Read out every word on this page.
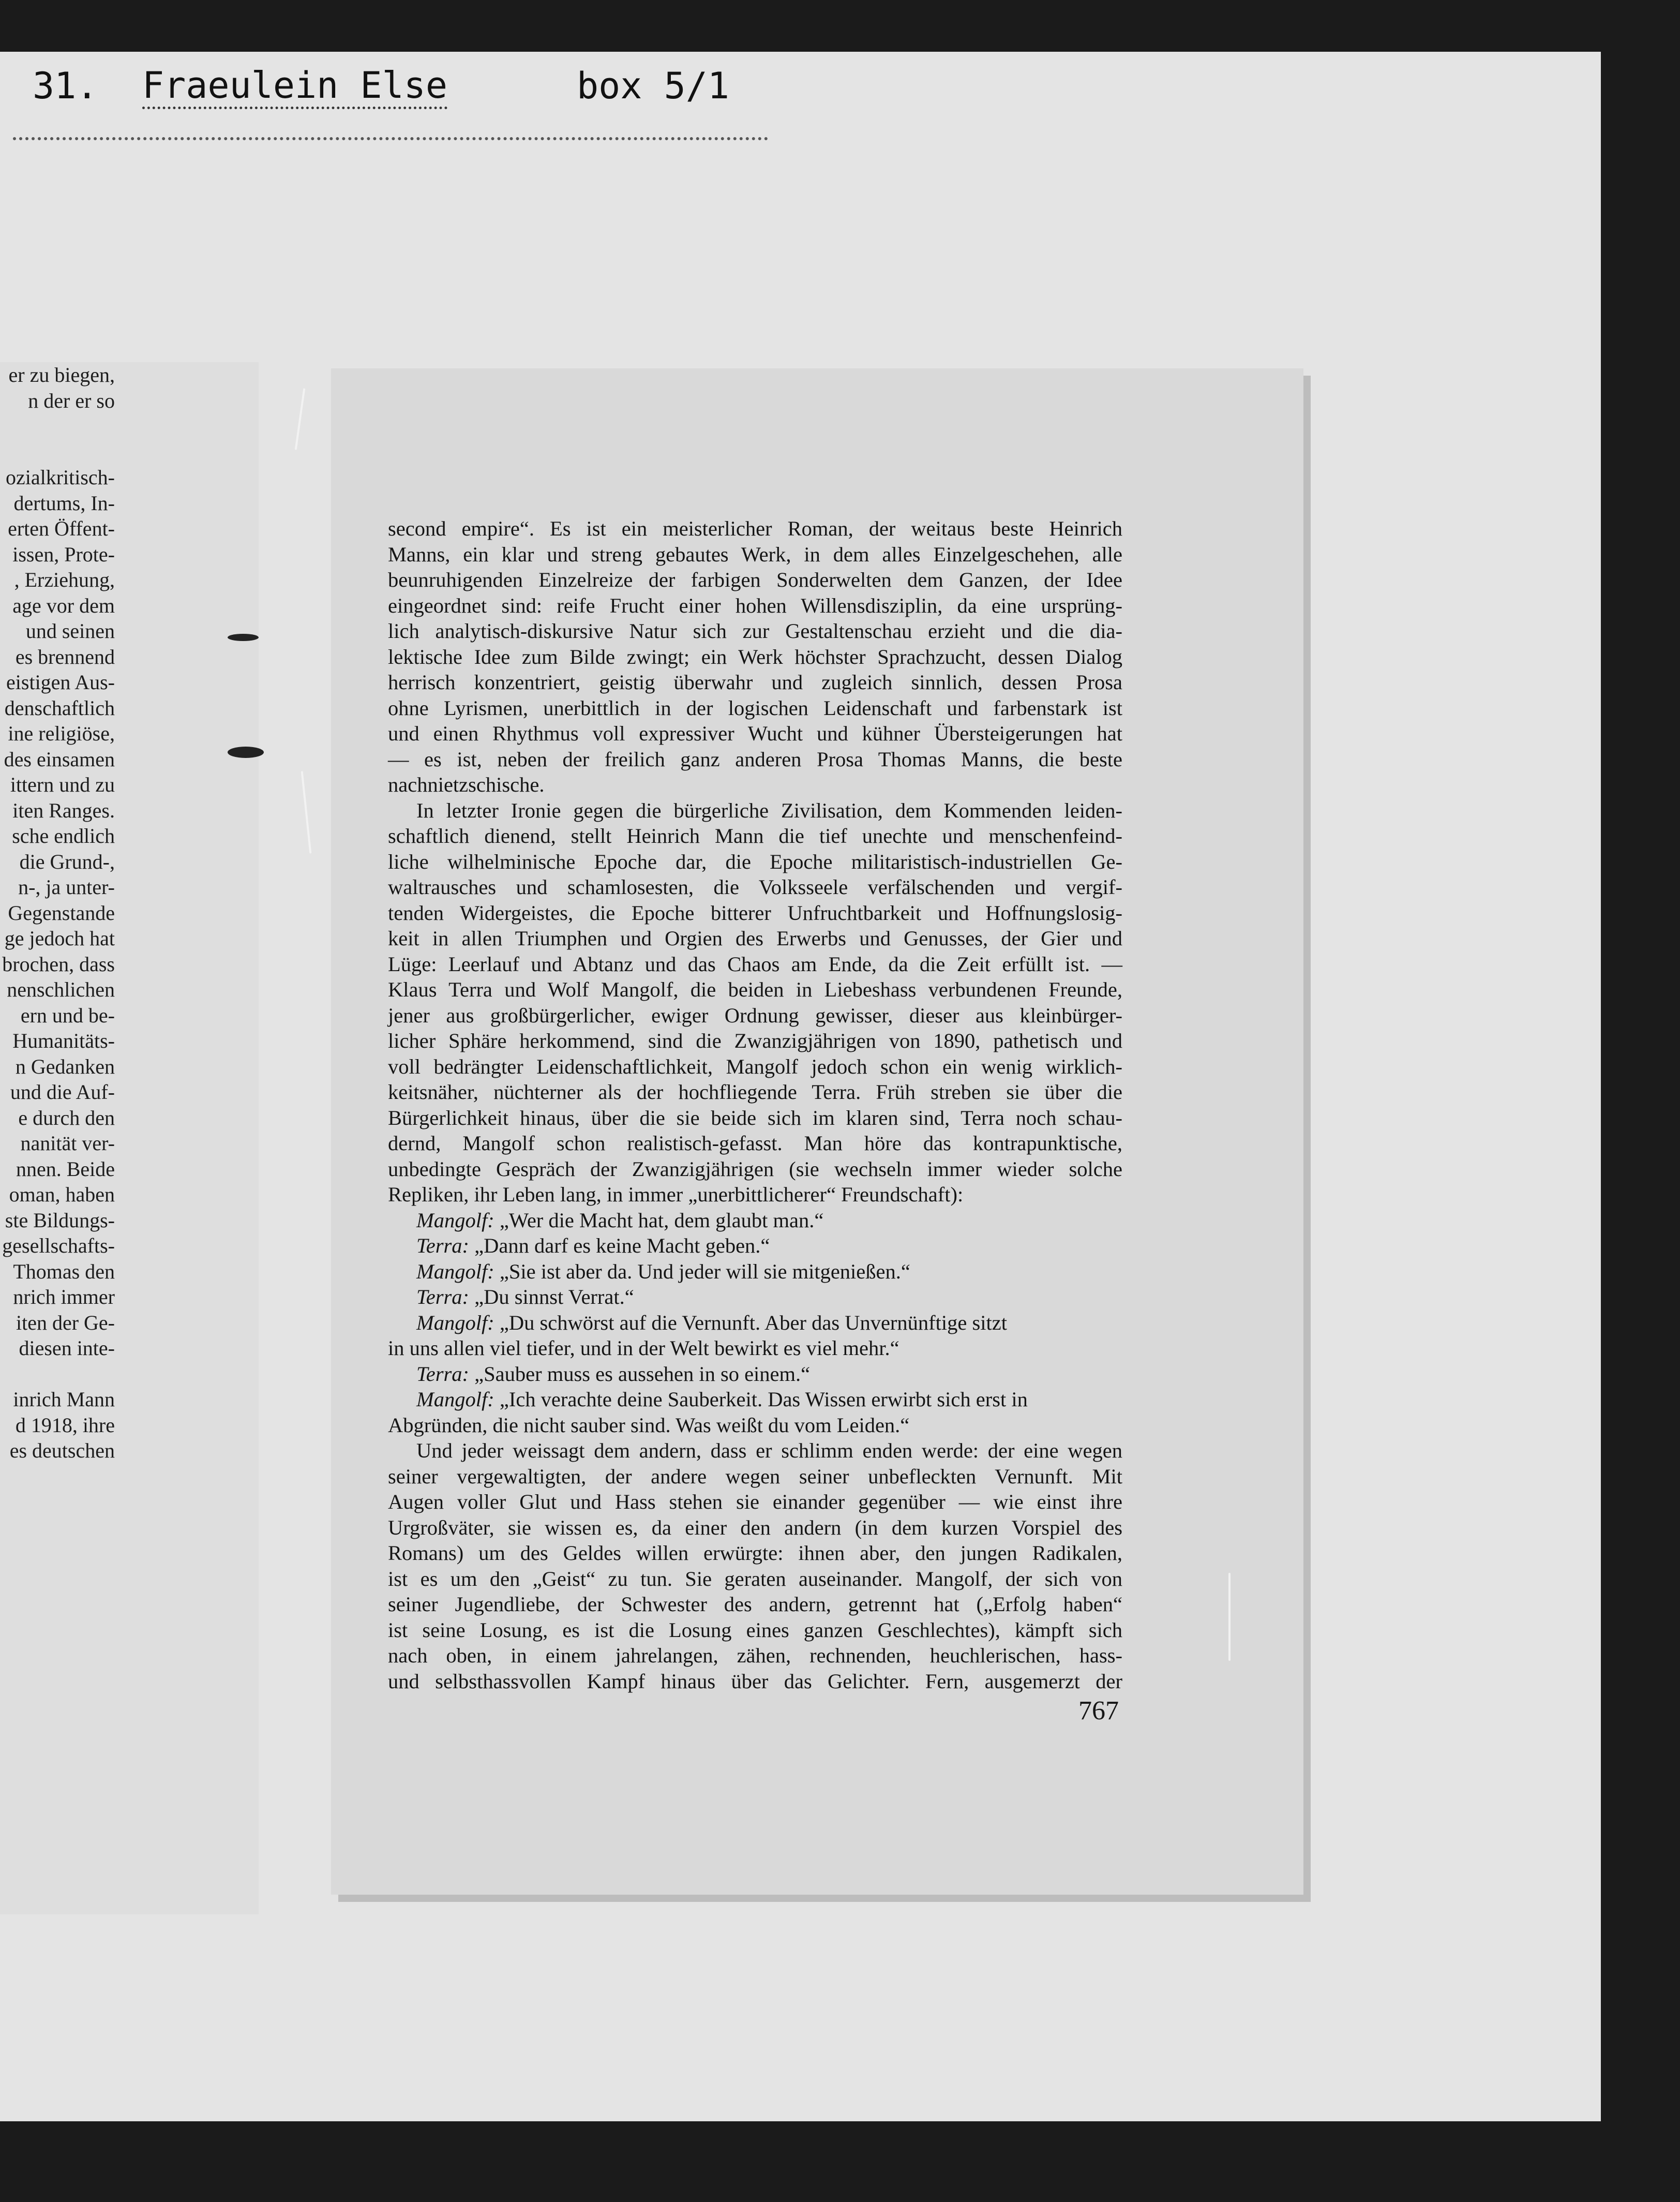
31. Fraeulein Else	box 5/1
er zu biegen,
n der er so
ozialkritisch-
dertums, In-
erten Öffent-
issen, Prote-
, Erziehung,
age vor dem
und seinen
es brennend
eistigen Aus-
denschaftlich
ine religiöse,
des einsamen
ittern und zu
iten Ranges.
sche endlich
die Grund-,
n-, ja unter-
Gegenstande
ge jedoch hat
brochen, dass
nenschlichen
ern und be-
Humanitäts-
n Gedanken
und die Auf-
e durch den
nanität ver-
nnen. Beide
oman, haben
ste Bildungs-
gesellschafts-
Thomas den
nrich immer
iten der Ge-
diesen inte-
inrich Mann
d 1918, ihre
es deutschen
second empire“. Es ist ein meisterlicher Roman, der weitaus beste Heinrich
Manns, ein klar und streng gebautes Werk, in dem alles Einzelgeschehen, alle
beunruhigenden Einzelreize der farbigen Sonderwelten dem Ganzen, der Idee
eingeordnet sind: reife Frucht einer hohen Willensdisziplin, da eine ursprüng-
lich analytisch-diskursive Natur sich zur Gestaltenschau erzieht und die dia-
lektische Idee zum Bilde zwingt; ein Werk höchster Sprachzucht, dessen Dialog
herrisch konzentriert, geistig überwahr und zugleich sinnlich, dessen Prosa
ohne Lyrismen, unerbittlich in der logischen Leidenschaft und farbenstark ist
und einen Rhythmus voll expressiver Wucht und kühner Übersteigerungen hat
— es ist, neben der freilich ganz anderen Prosa Thomas Manns, die beste
nachnietzschische.
In letzter Ironie gegen die bürgerliche Zivilisation, dem Kommenden leiden-
schaftlich dienend, stellt Heinrich Mann die tief unechte und menschenfeind-
liche wilhelminische Epoche dar, die Epoche militaristisch-industriellen Ge-
waltrausches und schamlosesten, die Volksseele verfälschenden und vergif-
tenden Widergeistes, die Epoche bitterer Unfruchtbarkeit und Hoffnungslosig-
keit in allen Triumphen und Orgien des Erwerbs und Genusses, der Gier und
Lüge: Leerlauf und Abtanz und das Chaos am Ende, da die Zeit erfüllt ist. —
Klaus Terra und Wolf Mangolf, die beiden in Liebeshass verbundenen Freunde,
jener aus großbürgerlicher, ewiger Ordnung gewisser, dieser aus kleinbürger-
licher Sphäre herkommend, sind die Zwanzigjährigen von 1890, pathetisch und
voll bedrängter Leidenschaftlichkeit, Mangolf jedoch schon ein wenig wirklich-
keitsnäher, nüchterner als der hochfliegende Terra. Früh streben sie über die
Bürgerlichkeit hinaus, über die sie beide sich im klaren sind, Terra noch schau-
dernd, Mangolf schon realistisch-gefasst. Man höre das kontrapunktische,
unbedingte Gespräch der Zwanzigjährigen (sie wechseln immer wieder solche
Repliken, ihr Leben lang, in immer „unerbittlicherer“ Freundschaft):
Mangolf: „Wer die Macht hat, dem glaubt man.“
Terra: „Dann darf es keine Macht geben.“
Mangolf: „Sie ist aber da. Und jeder will sie mitgenießen.“
Terra: „Du sinnst Verrat.“
Mangolf: „Du schwörst auf die Vernunft. Aber das Unvernünftige sitzt
in uns allen viel tiefer, und in der Welt bewirkt es viel mehr.“
Terra: „Sauber muss es aussehen in so einem.“
Mangolf: „Ich verachte deine Sauberkeit. Das Wissen erwirbt sich erst in
Abgründen, die nicht sauber sind. Was weißt du vom Leiden.“
Und jeder weissagt dem andern, dass er schlimm enden werde: der eine wegen
seiner vergewaltigten, der andere wegen seiner unbefleckten Vernunft. Mit
Augen voller Glut und Hass stehen sie einander gegenüber — wie einst ihre
Urgroßväter, sie wissen es, da einer den andern (in dem kurzen Vorspiel des
Romans) um des Geldes willen erwürgte: ihnen aber, den jungen Radikalen,
ist es um den „Geist“ zu tun. Sie geraten auseinander. Mangolf, der sich von
seiner Jugendliebe, der Schwester des andern, getrennt hat („Erfolg haben“
ist seine Losung, es ist die Losung eines ganzen Geschlechtes), kämpft sich
nach oben, in einem jahrelangen, zähen, rechnenden, heuchlerischen, hass-
und selbsthassvollen Kampf hinaus über das Gelichter. Fern, ausgemerzt der
767
